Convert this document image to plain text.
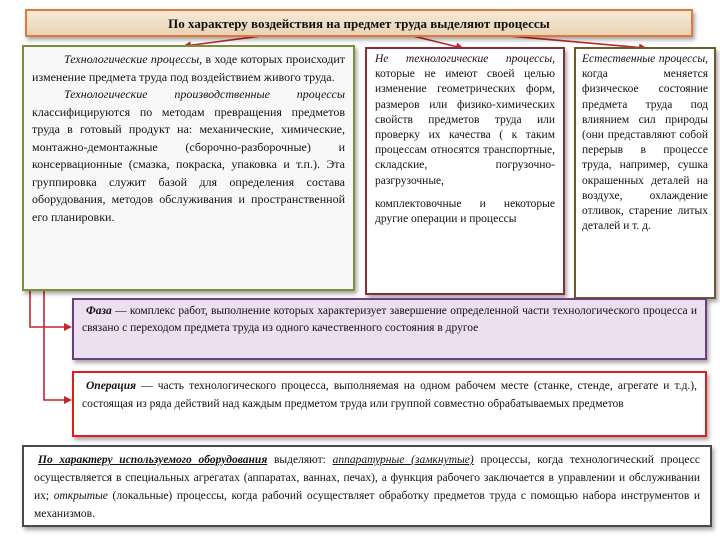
По характеру воздействия на предмет труда выделяют процессы
Технологические процессы, в ходе которых происходит изменение предмета труда под воздействием живого труда.
Технологические производственные процессы классифицируются по методам превращения предметов труда в готовый продукт на: механические, химические, монтажно-демонтажные (сборочно-разборочные) и консервационные (смазка, покраска, упаковка и т.п.). Эта группировка служит базой для определения состава оборудования, методов обслуживания и пространственной его планировки.
Не технологические процессы, которые не имеют своей целью изменение геометрических форм, размеров или физико-химических свойств предметов труда или проверку их качества ( к таким процессам относятся транспортные, складские, погрузочно-разгрузочные,
комплектовочные и некоторые другие операции и процессы
Естественные процессы, когда меняется физическое состояние предмета труда под влиянием сил природы (они представляют собой перерыв в процессе труда, например, сушка окрашенных деталей на воздухе, охлаждение отливок, старение литых деталей и т. д.
Фаза — комплекс работ, выполнение которых характеризует завершение определенной части технологического процесса и связано с переходом предмета труда из одного качественного состояния в другое
Операция — часть технологического процесса, выполняемая на одном рабочем месте (станке, стенде, агрегате и т.д.), состоящая из ряда действий над каждым предметом труда или группой совместно обрабатываемых предметов
По характеру используемого оборудования выделяют: аппаратурные (замкнутые) процессы, когда технологический процесс осуществляется в специальных агрегатах (аппаратах, ваннах, печах), а функция рабочего заключается в управлении и обслуживании их; открытые (локальные) процессы, когда рабочий осуществляет обработку предметов труда с помощью набора инструментов и механизмов.
